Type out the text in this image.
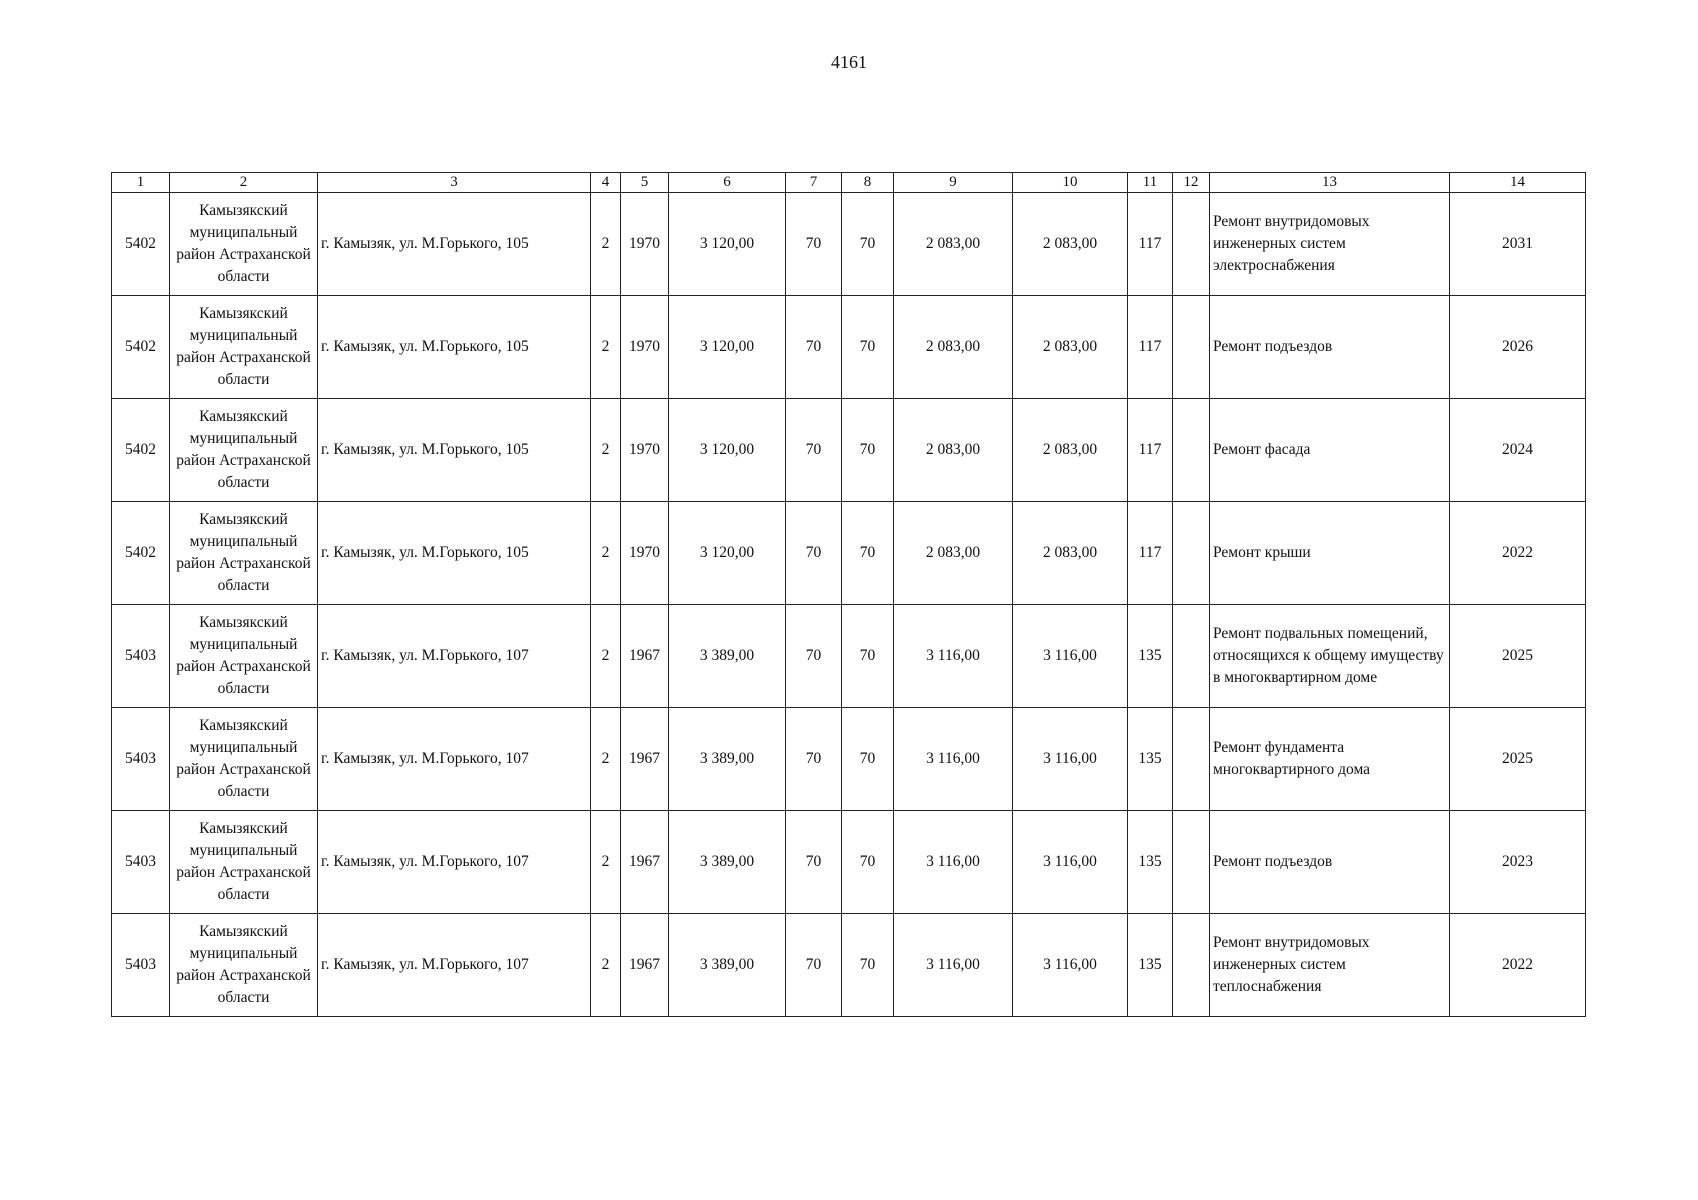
4161
1	2	3	4	5	6	7	8	9	10	11	12	13	14
5402	Камызякский муниципальный район Астраханской области	г. Камызяк, ул. М.Горького, 105	2	1970	3 120,00	70	70	2 083,00	2 083,00	117		Ремонт внутридомовых инженерных систем электроснабжения	2031
5402	Камызякский муниципальный район Астраханской области	г. Камызяк, ул. М.Горького, 105	2	1970	3 120,00	70	70	2 083,00	2 083,00	117		Ремонт подъездов	2026
5402	Камызякский муниципальный район Астраханской области	г. Камызяк, ул. М.Горького, 105	2	1970	3 120,00	70	70	2 083,00	2 083,00	117		Ремонт фасада	2024
5402	Камызякский муниципальный район Астраханской области	г. Камызяк, ул. М.Горького, 105	2	1970	3 120,00	70	70	2 083,00	2 083,00	117		Ремонт крыши	2022
5403	Камызякский муниципальный район Астраханской области	г. Камызяк, ул. М.Горького, 107	2	1967	3 389,00	70	70	3 116,00	3 116,00	135		Ремонт подвальных помещений, относящихся к общему имуществу в многоквартирном доме	2025
5403	Камызякский муниципальный район Астраханской области	г. Камызяк, ул. М.Горького, 107	2	1967	3 389,00	70	70	3 116,00	3 116,00	135		Ремонт фундамента многоквартирного дома	2025
5403	Камызякский муниципальный район Астраханской области	г. Камызяк, ул. М.Горького, 107	2	1967	3 389,00	70	70	3 116,00	3 116,00	135		Ремонт подъездов	2023
5403	Камызякский муниципальный район Астраханской области	г. Камызяк, ул. М.Горького, 107	2	1967	3 389,00	70	70	3 116,00	3 116,00	135		Ремонт внутридомовых инженерных систем теплоснабжения	2022
